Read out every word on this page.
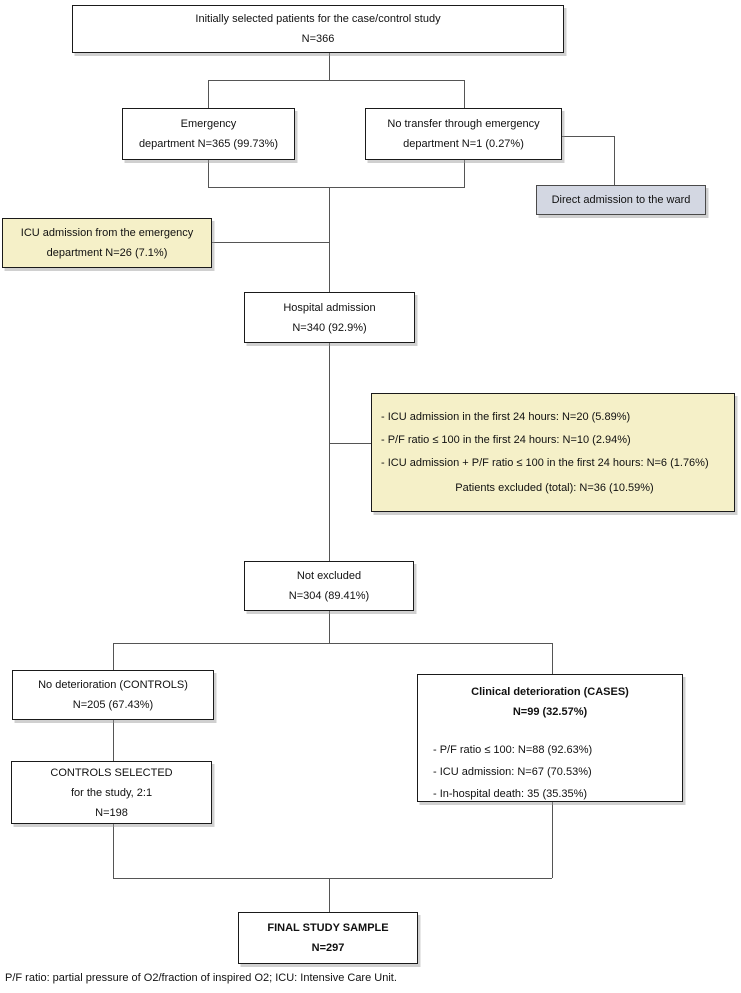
Initially selected patients for the case/control study
N=366
Emergency
department N=365 (99.73%)
No transfer through emergency
department N=1 (0.27%)
Direct admission to the ward
ICU admission from the emergency
department N=26 (7.1%)
Hospital admission
N=340 (92.9%)
- ICU admission in the first 24 hours: N=20 (5.89%)
- P/F ratio ≤ 100 in the first 24 hours: N=10 (2.94%)
- ICU admission + P/F ratio ≤ 100 in the first 24 hours: N=6 (1.76%)
Patients excluded (total): N=36 (10.59%)
Not excluded
N=304 (89.41%)
No deterioration (CONTROLS)
N=205 (67.43%)
CONTROLS SELECTED
for the study, 2:1
N=198
Clinical deterioration (CASES)
N=99 (32.57%)
- P/F ratio ≤ 100: N=88 (92.63%)
- ICU admission: N=67 (70.53%)
- In-hospital death: 35 (35.35%)
FINAL STUDY SAMPLE
N=297
P/F ratio: partial pressure of O2/fraction of inspired O2; ICU: Intensive Care Unit.
